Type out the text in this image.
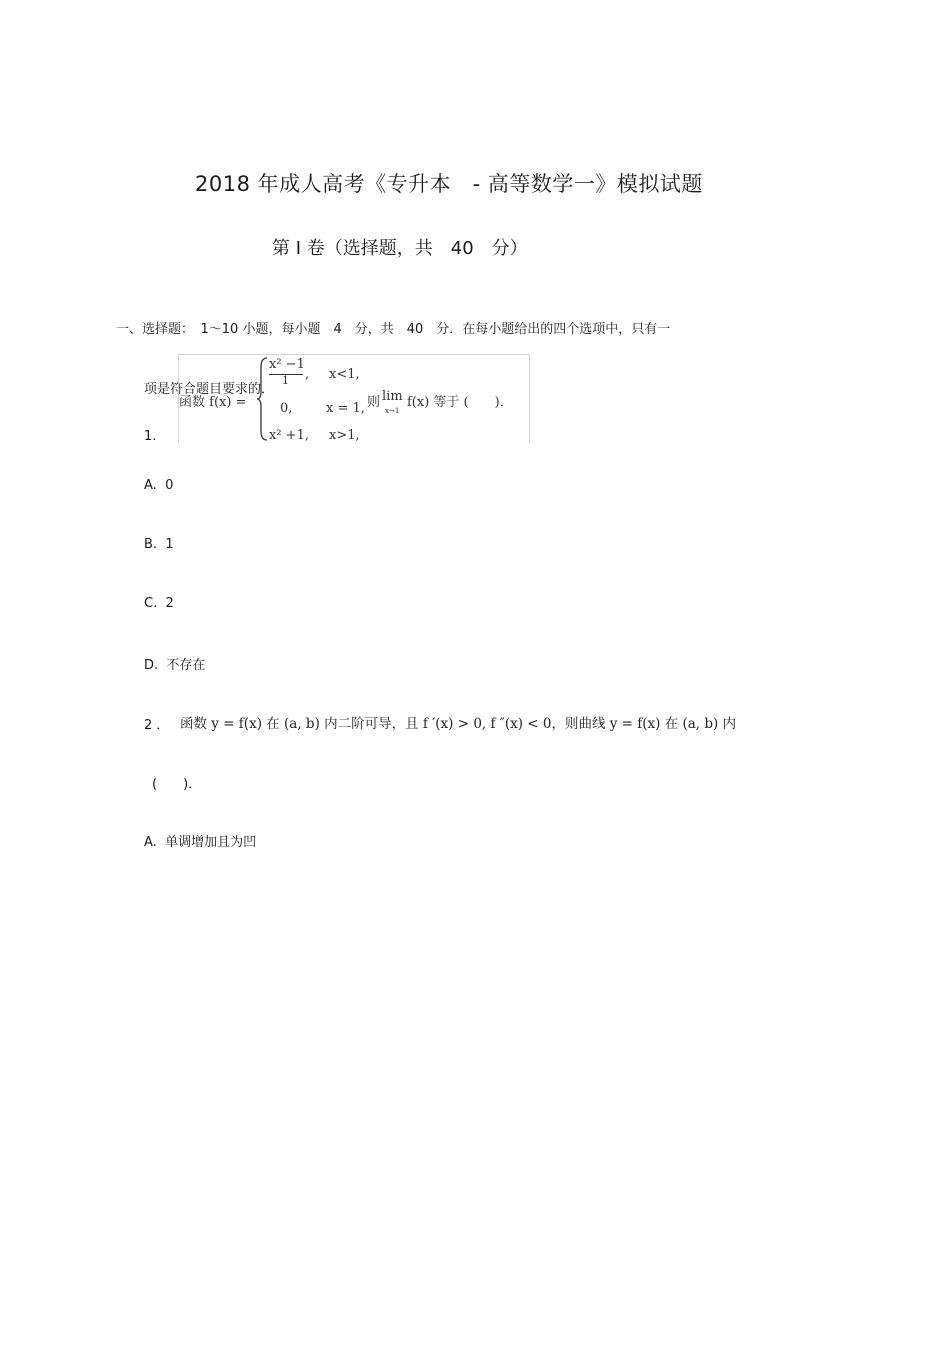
2018 年成人高考《专升本　- 高等数学一》模拟试题
第 I 卷（选择题，共　40　分）
一、选择题：　1～10 小题，每小题　4　分，共　40　分．在每小题给出的四个选项中，只有一
项是符合题目要求的．
1.
函数 f(x) =
x² −1
1 , x<1,
0,	x = 1,
x² +1, x>1,
则 lim
x→1
f(x) 等于 (　　)．
A. 0
B. 1
C. 2
D. 不存在
2 ． 函数 y = f(x) 在 (a, b) 内二阶可导，且 f ′(x) > 0, f ″(x) < 0，则曲线 y = f(x) 在 (a, b) 内
(　　)．
A. 单调增加且为凹
